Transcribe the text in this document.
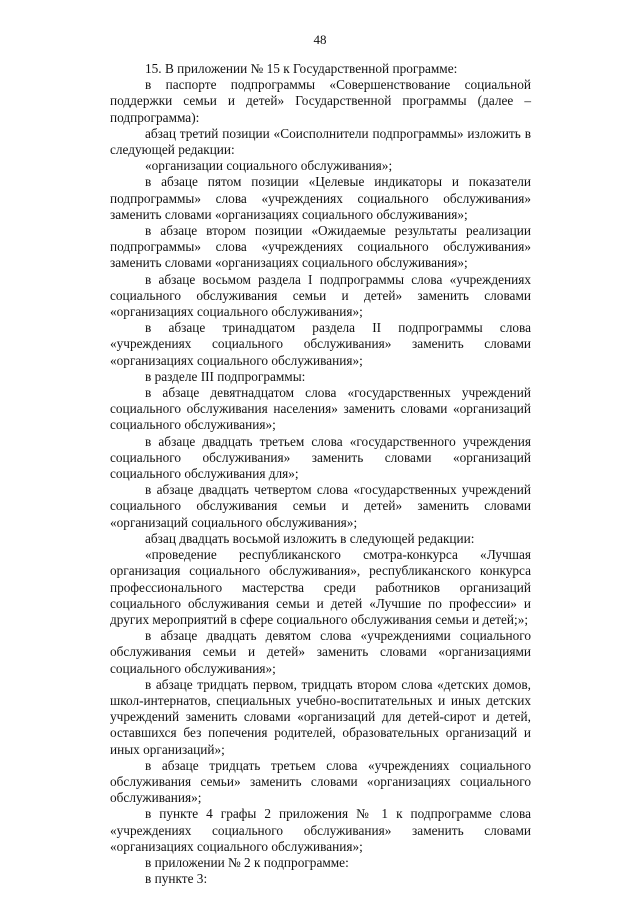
48

15. В приложении № 15 к Государственной программе:

в паспорте подпрограммы «Совершенствование социальной поддержки семьи и детей» Государственной программы (далее – подпрограмма):

абзац третий позиции «Соисполнители подпрограммы» изложить в следующей редакции:

«организации социального обслуживания»;

в абзаце пятом позиции «Целевые индикаторы и показатели подпрограммы» слова «учреждениях социального обслуживания» заменить словами «организациях социального обслуживания»;

в абзаце втором позиции «Ожидаемые результаты реализации подпрограммы» слова «учреждениях социального обслуживания» заменить словами «организациях социального обслуживания»;

в абзаце восьмом раздела I подпрограммы слова «учреждениях социального обслуживания семьи и детей» заменить словами «организациях социального обслуживания»;

в абзаце тринадцатом раздела II подпрограммы слова «учреждениях социального обслуживания» заменить словами «организациях социального обслуживания»;

в разделе III подпрограммы:

в абзаце девятнадцатом слова «государственных учреждений социального обслуживания населения» заменить словами «организаций социального обслуживания»;

в абзаце двадцать третьем слова «государственного учреждения социального обслуживания» заменить словами «организаций социального обслуживания для»;

в абзаце двадцать четвертом слова «государственных учреждений социального обслуживания семьи и детей» заменить словами «организаций социального обслуживания»;

абзац двадцать восьмой изложить в следующей редакции:

«проведение республиканского смотра-конкурса «Лучшая организация социального обслуживания», республиканского конкурса профессионального мастерства среди работников организаций социального обслуживания семьи и детей «Лучшие по профессии» и других мероприятий в сфере социального обслуживания семьи и детей;»;

в абзаце двадцать девятом слова «учреждениями социального обслуживания семьи и детей» заменить словами «организациями социального обслуживания»;

в абзаце тридцать первом, тридцать втором слова «детских домов, школ-интернатов, специальных учебно-воспитательных и иных детских учреждений заменить словами «организаций для детей-сирот и детей, оставшихся без попечения родителей, образовательных организаций и иных организаций»;

в абзаце тридцать третьем слова «учреждениях социального обслуживания семьи» заменить словами «организациях социального обслуживания»;

в пункте 4 графы 2 приложения № 1 к подпрограмме слова «учреждениях социального обслуживания» заменить словами «организациях социального обслуживания»;

в приложении № 2 к подпрограмме:

в пункте 3:
